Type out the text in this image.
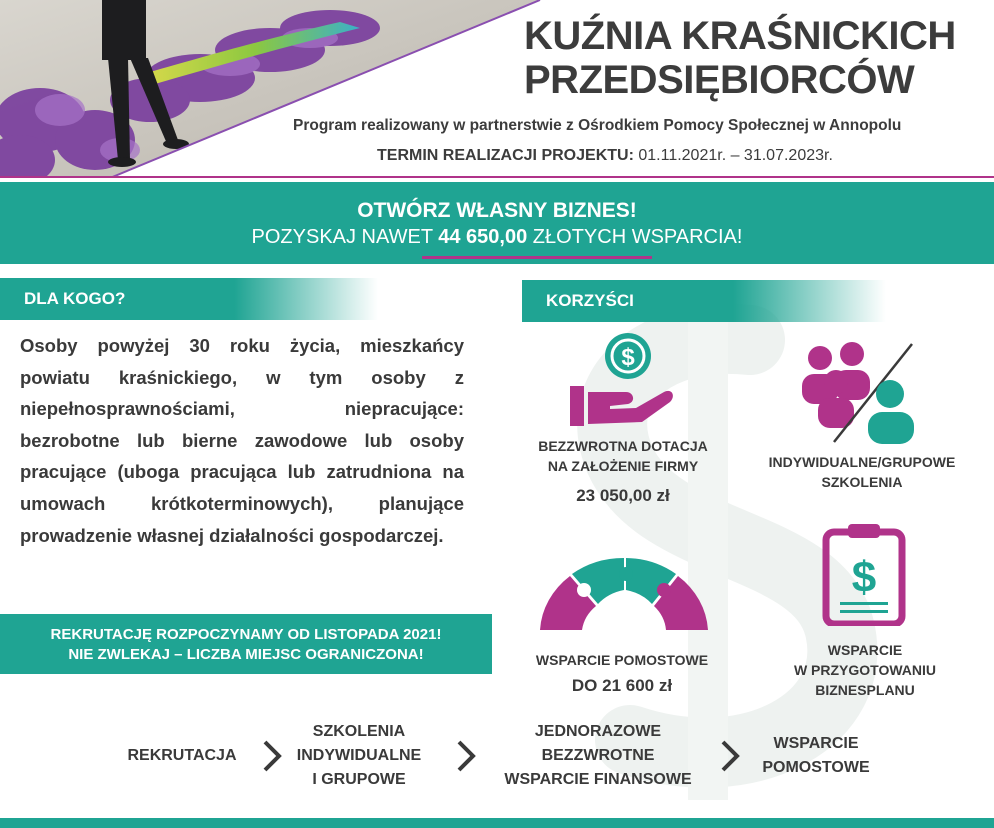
KUŹNIA KRAŚNICKICH
PRZEDSIĘBIORCÓW
Program realizowany w partnerstwie z Ośrodkiem Pomocy Społecznej w Annopolu
TERMIN REALIZACJI PROJEKTU: 01.11.2021r. – 31.07.2023r.
OTWÓRZ WŁASNY BIZNES!
POZYSKAJ NAWET 44 650,00 ZŁOTYCH WSPARCIA!
DLA KOGO?

Osoby powyżej 30 roku życia, mieszkańcy powiatu kraśnickiego, w tym osoby z niepełnosprawnościami, niepracujące: bezrobotne lub bierne zawodowe lub osoby pracujące (uboga pracująca lub zatrudniona na umowach krótkoterminowych), planujące prowadzenie własnej działalności gospodarczej.

REKRUTACJĘ ROZPOCZYNAMY OD LISTOPADA 2021!
NIE ZWLEKAJ – LICZBA MIEJSC OGRANICZONA!
KORZYŚCI
$
BEZZWROTNA DOTACJA
NA ZAŁOŻENIE FIRMY
23 050,00 zł
INDYWIDUALNE/GRUPOWE
SZKOLENIA
WSPARCIE POMOSTOWE
DO 21 600 zł
$
WSPARCIE
W PRZYGOTOWANIU
BIZNESPLANU
REKRUTACJA
SZKOLENIA
INDYWIDUALNE
I GRUPOWE
JEDNORAZOWE
BEZZWROTNE
WSPARCIE FINANSOWE
WSPARCIE
POMOSTOWE
